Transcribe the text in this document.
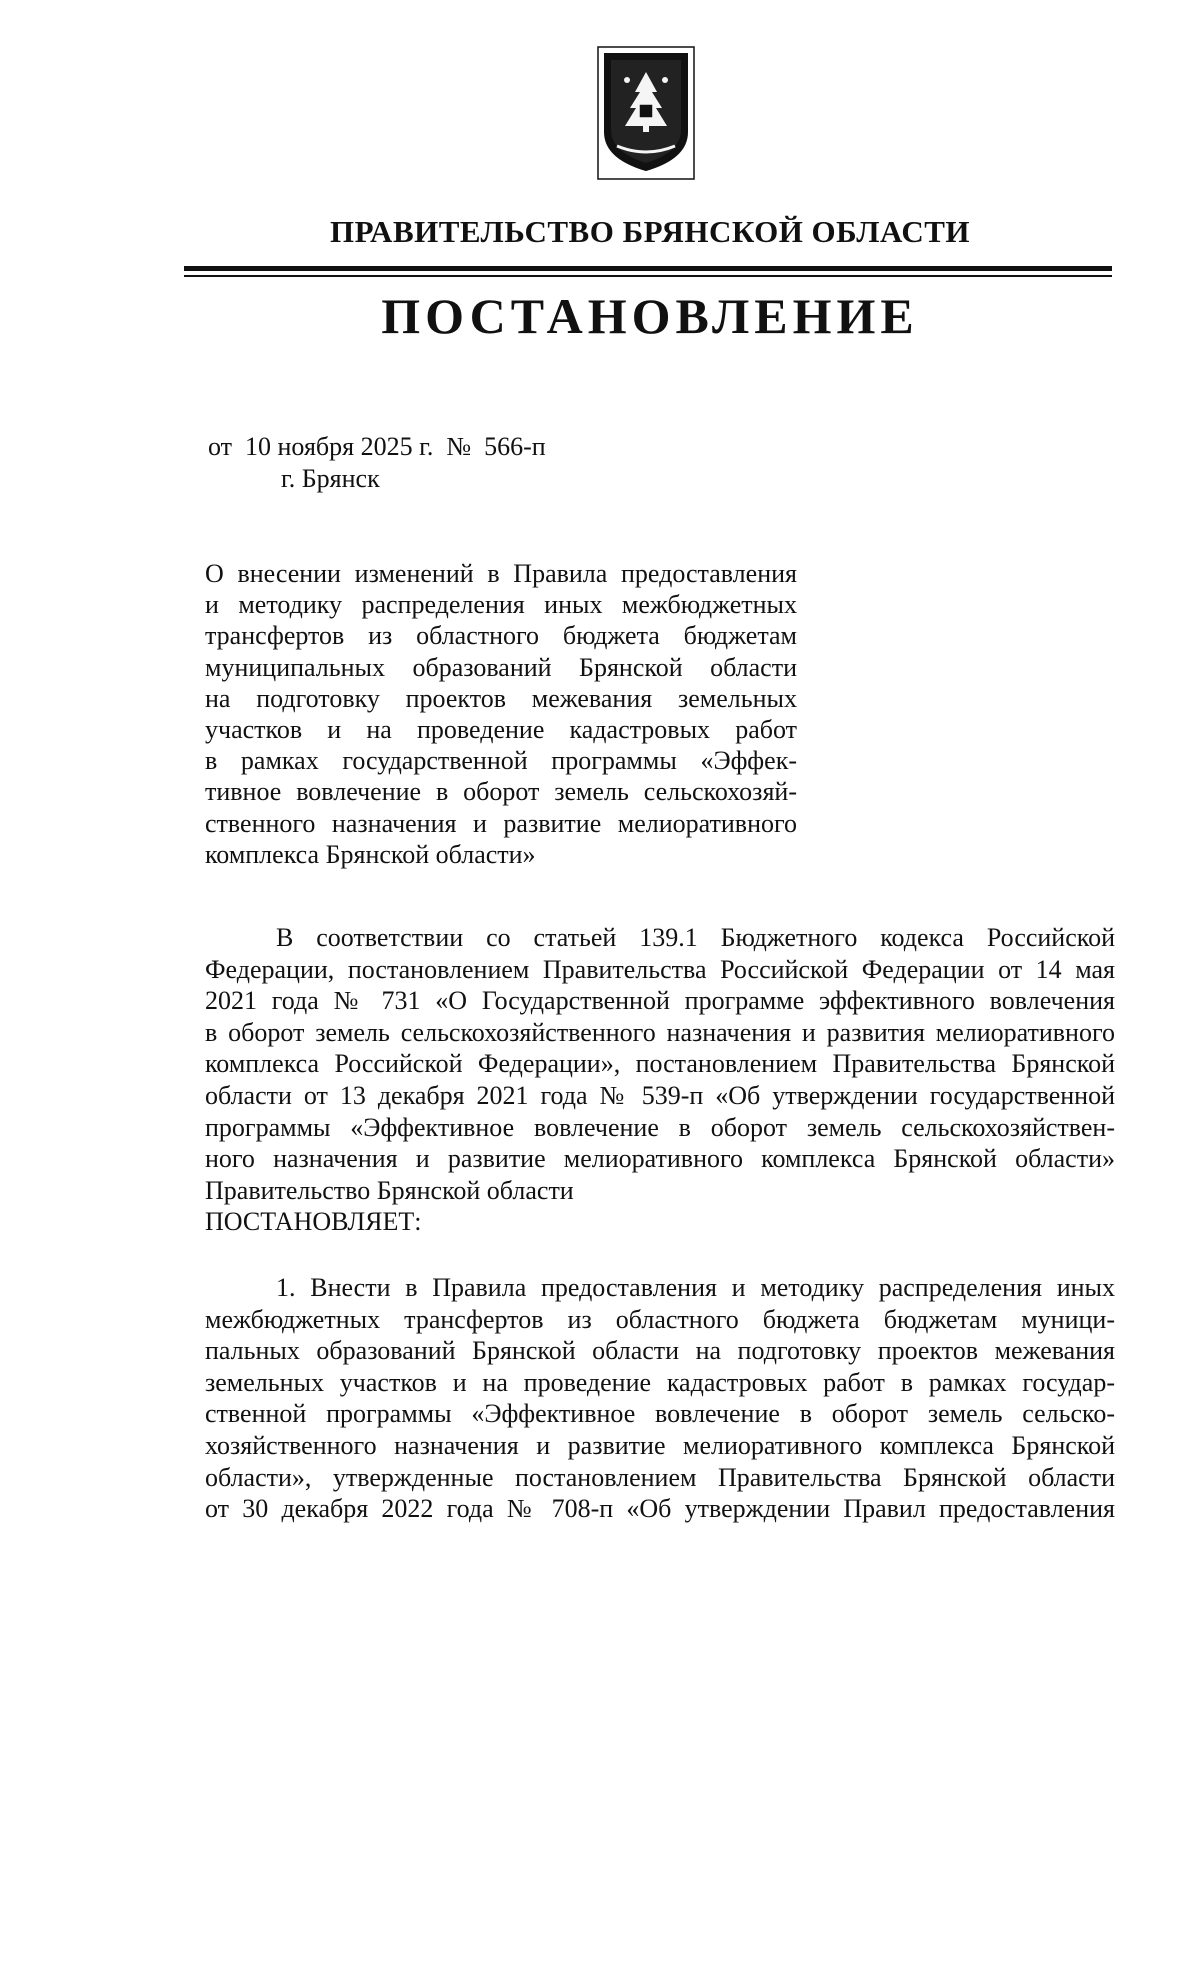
ПРАВИТЕЛЬСТВО БРЯНСКОЙ ОБЛАСТИ
ПОСТАНОВЛЕНИЕ
от  10 ноября 2025 г.  №  566-п
г. Брянск
О внесении изменений в Правила предоставления
и методику распределения иных межбюджетных
трансфертов из областного бюджета бюджетам
муниципальных образований Брянской области
на подготовку проектов межевания земельных
участков и на проведение кадастровых работ
в рамках государственной программы «Эффек-
тивное вовлечение в оборот земель сельскохозяй-
ственного назначения и развитие мелиоративного
комплекса Брянской области»
В соответствии со статьей 139.1 Бюджетного кодекса Российской
Федерации, постановлением Правительства Российской Федерации от 14 мая
2021 года № 731 «О Государственной программе эффективного вовлечения
в оборот земель сельскохозяйственного назначения и развития мелиоративного
комплекса Российской Федерации», постановлением Правительства Брянской
области от 13 декабря 2021 года № 539-п «Об утверждении государственной
программы «Эффективное вовлечение в оборот земель сельскохозяйствен-
ного назначения и развитие мелиоративного комплекса Брянской области»
Правительство Брянской области
ПОСТАНОВЛЯЕТ:
1. Внести в Правила предоставления и методику распределения иных
межбюджетных трансфертов из областного бюджета бюджетам муници-
пальных образований Брянской области на подготовку проектов межевания
земельных участков и на проведение кадастровых работ в рамках государ-
ственной программы «Эффективное вовлечение в оборот земель сельско-
хозяйственного назначения и развитие мелиоративного комплекса Брянской
области», утвержденные постановлением Правительства Брянской области
от 30 декабря 2022 года № 708-п «Об утверждении Правил предоставления
